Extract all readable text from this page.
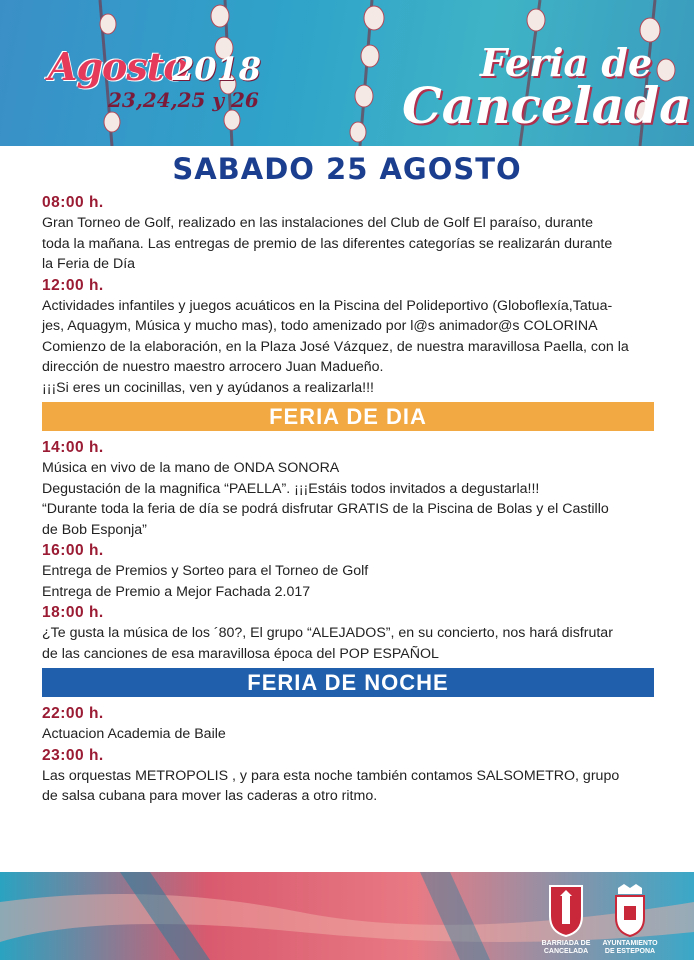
Agosto
2018
23,24,25 y 26
Feria de
Cancelada
SABADO 25 AGOSTO
08:00 h.
Gran Torneo de Golf, realizado en las instalaciones del Club de Golf El paraíso, durante
toda la mañana. Las entregas de premio de las diferentes categorías se realizarán durante
la Feria de Día
12:00 h.
Actividades infantiles y juegos acuáticos en la Piscina del Polideportivo (Globoflexía,Tatua-
jes, Aquagym, Música y mucho mas), todo amenizado por l@s animador@s COLORINA
Comienzo de la elaboración, en la Plaza José Vázquez, de nuestra maravillosa Paella, con la
dirección de nuestro maestro arrocero Juan Madueño.
¡¡¡Si eres un cocinillas, ven y ayúdanos a realizarla!!!
FERIA DE DIA
14:00 h.
Música en vivo de la mano de ONDA SONORA
Degustación de la magnifica “PAELLA”. ¡¡¡Estáis todos invitados a degustarla!!!
“Durante toda la feria de día se podrá disfrutar GRATIS de la Piscina de Bolas y el Castillo
de Bob Esponja”
16:00 h.
Entrega de Premios y Sorteo para el Torneo de Golf
Entrega de Premio a Mejor Fachada 2.017
18:00 h.
¿Te gusta la música de los ´80?, El grupo “ALEJADOS”, en su concierto, nos hará disfrutar
de las canciones de esa maravillosa época del POP ESPAÑOL
FERIA DE NOCHE
22:00 h.
Actuacion Academia de Baile
23:00 h.
Las orquestas METROPOLIS , y para esta noche también contamos SALSOMETRO, grupo
de salsa cubana para mover las caderas a otro ritmo.
BARRIADA DE
CANCELADA
AYUNTAMIENTO
DE ESTEPONA
